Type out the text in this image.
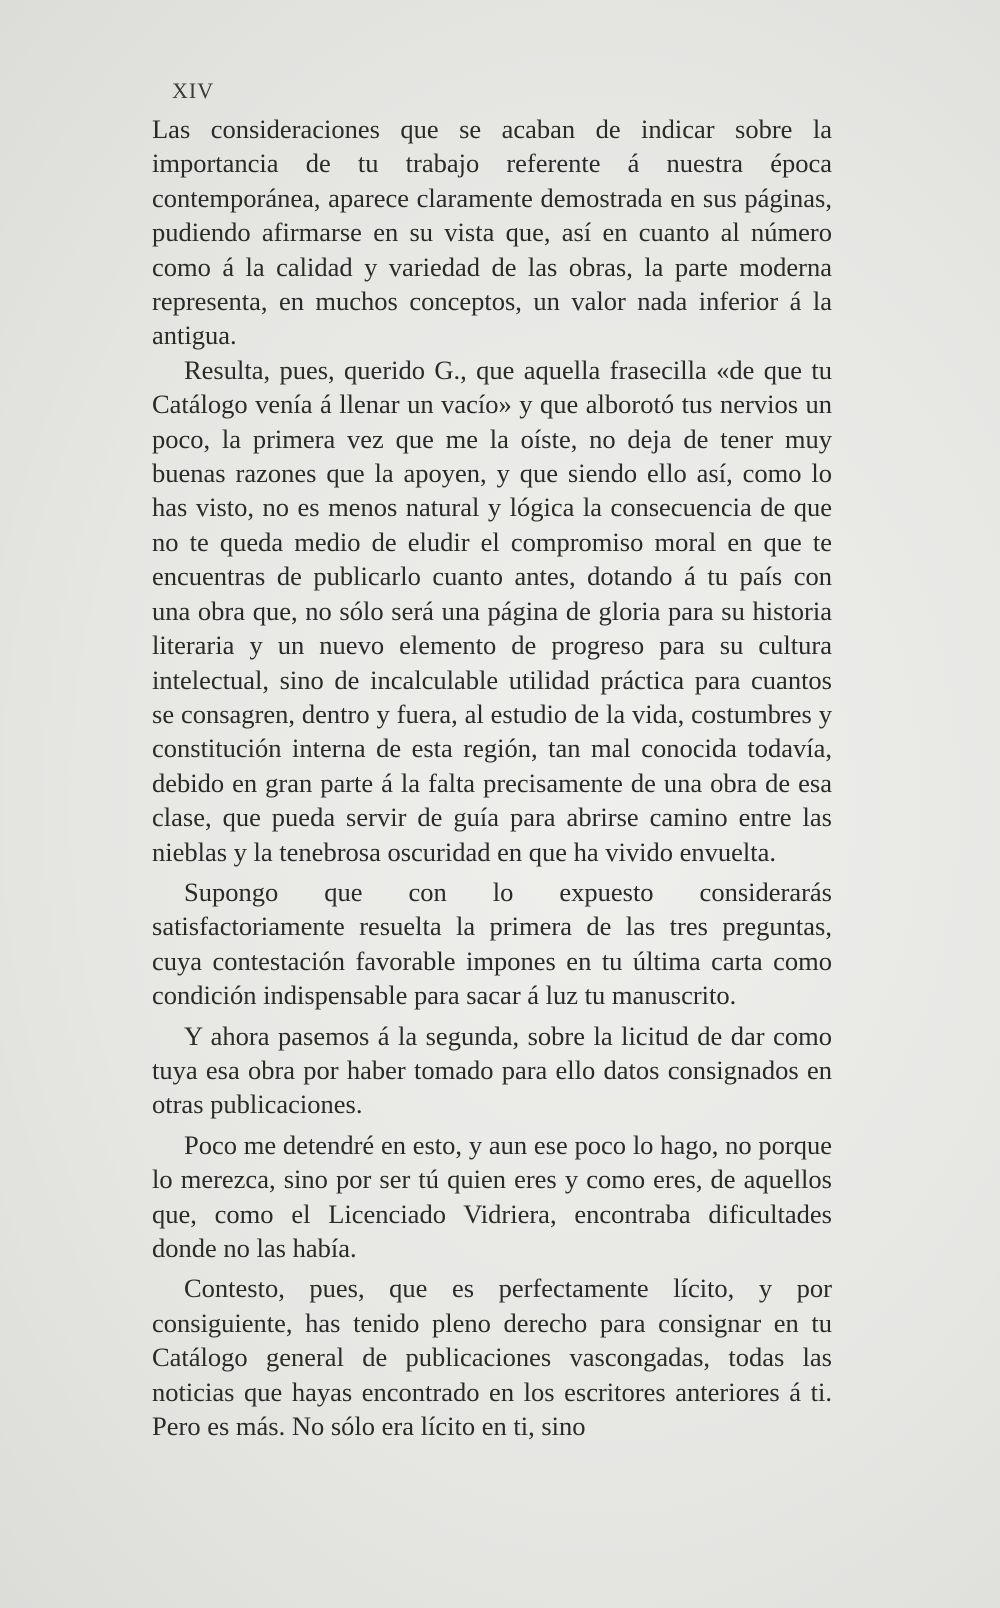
XIV

Las consideraciones que se acaban de indicar sobre la importancia de tu trabajo referente á nuestra época contemporánea, aparece claramente demostrada en sus páginas, pudiendo afirmarse en su vista que, así en cuanto al número como á la calidad y variedad de las obras, la parte moderna representa, en muchos conceptos, un valor nada inferior á la antigua.

Resulta, pues, querido G., que aquella frasecilla «de que tu Catálogo venía á llenar un vacío» y que alborotó tus nervios un poco, la primera vez que me la oíste, no deja de tener muy buenas razones que la apoyen, y que siendo ello así, como lo has visto, no es menos natural y lógica la consecuencia de que no te queda medio de eludir el compromiso moral en que te encuentras de publicarlo cuanto antes, dotando á tu país con una obra que, no sólo será una página de gloria para su historia literaria y un nuevo elemento de progreso para su cultura intelectual, sino de incalculable utilidad práctica para cuantos se consagren, dentro y fuera, al estudio de la vida, costumbres y constitución interna de esta región, tan mal conocida todavía, debido en gran parte á la falta precisamente de una obra de esa clase, que pueda servir de guía para abrirse camino entre las nieblas y la tenebrosa oscuridad en que ha vivido envuelta.

Supongo que con lo expuesto considerarás satisfactoriamente resuelta la primera de las tres preguntas, cuya contestación favorable impones en tu última carta como condición indispensable para sacar á luz tu manuscrito.

Y ahora pasemos á la segunda, sobre la licitud de dar como tuya esa obra por haber tomado para ello datos consignados en otras publicaciones.

Poco me detendré en esto, y aun ese poco lo hago, no porque lo merezca, sino por ser tú quien eres y como eres, de aquellos que, como el Licenciado Vidriera, encontraba dificultades donde no las había.

Contesto, pues, que es perfectamente lícito, y por consiguiente, has tenido pleno derecho para consignar en tu Catálogo general de publicaciones vascongadas, todas las noticias que hayas encontrado en los escritores anteriores á ti. Pero es más. No sólo era lícito en ti, sino
